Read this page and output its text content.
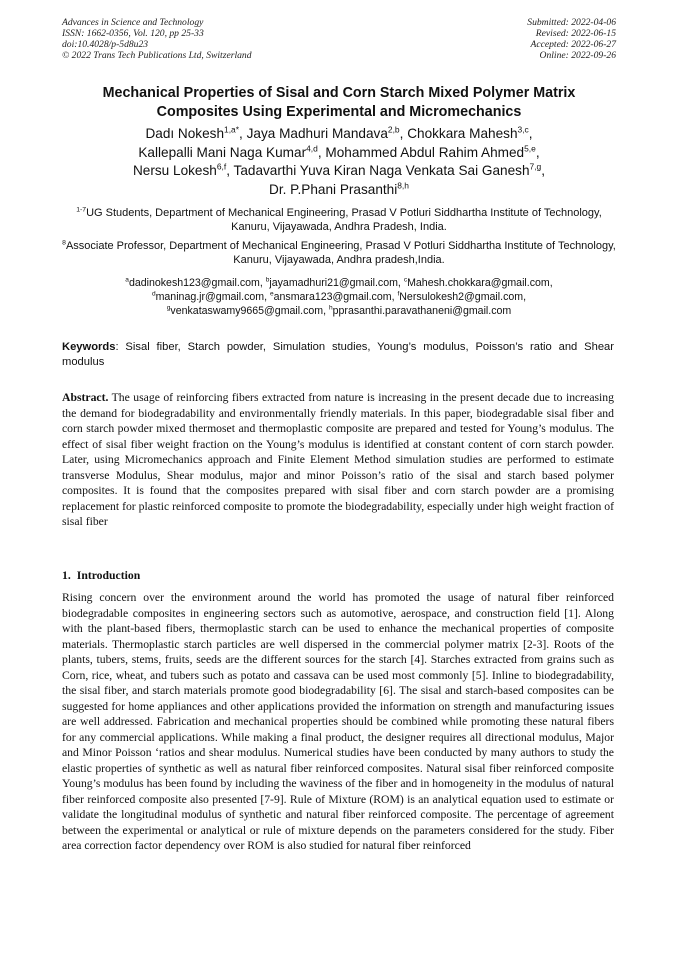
Advances in Science and Technology
ISSN: 1662-0356, Vol. 120, pp 25-33
doi:10.4028/p-5d8u23
© 2022 Trans Tech Publications Ltd, Switzerland
Submitted: 2022-04-06
Revised: 2022-06-15
Accepted: 2022-06-27
Online: 2022-09-26
Mechanical Properties of Sisal and Corn Starch Mixed Polymer Matrix
Composites Using Experimental and Micromechanics
Dadı Nokesh$^{1,a*}$, Jaya Madhuri Mandava$^{2,b}$, Chokkara Mahesh$^{3,c}$,
Kallepalli Mani Naga Kumar$^{4,d}$, Mohammed Abdul Rahim Ahmed$^{5,e}$,
Nersu Lokesh$^{6,f}$, Tadavarthi Yuva Kiran Naga Venkata Sai Ganesh$^{7,g}$,
Dr. P.Phani Prasanthi$^{8,h}$
$^{1-7}$UG Students, Department of Mechanical Engineering, Prasad V Potluri Siddhartha Institute of Technology, Kanuru, Vijayawada, Andhra Pradesh, India.
$^8$Associate Professor, Department of Mechanical Engineering, Prasad V Potluri Siddhartha Institute of Technology, Kanuru, Vijayawada, Andhra pradesh,India.
$^a$dadinokesh123@gmail.com, $^b$jayamadhuri21@gmail.com, $^c$Mahesh.chokkara@gmail.com,
$^d$maninag.jr@gmail.com, $^e$ansmara123@gmail.com, $^f$Nersulokesh2@gmail.com,
$^g$venkataswamy9665@gmail.com, $^h$pprasanthi.paravathaneni@gmail.com
Keywords: Sisal fiber, Starch powder, Simulation studies, Young’s modulus, Poisson’s ratio and Shear modulus
Abstract. The usage of reinforcing fibers extracted from nature is increasing in the present decade due to increasing the demand for biodegradability and environmentally friendly materials. In this paper, biodegradable sisal fiber and corn starch powder mixed thermoset and thermoplastic composite are prepared and tested for Young’s modulus. The effect of sisal fiber weight fraction on the Young’s modulus is identified at constant content of corn starch powder. Later, using Micromechanics approach and Finite Element Method simulation studies are performed to estimate transverse Modulus, Shear modulus, major and minor Poisson’s ratio of the sisal and starch based polymer composites. It is found that the composites prepared with sisal fiber and corn starch powder are a promising replacement for plastic reinforced composite to promote the biodegradability, especially under high weight fraction of sisal fiber
1. Introduction
Rising concern over the environment around the world has promoted the usage of natural fiber reinforced biodegradable composites in engineering sectors such as automotive, aerospace, and construction field [1]. Along with the plant-based fibers, thermoplastic starch can be used to enhance the mechanical properties of composite materials. Thermoplastic starch particles are well dispersed in the commercial polymer matrix [2-3]. Roots of the plants, tubers, stems, fruits, seeds are the different sources for the starch [4]. Starches extracted from grains such as Corn, rice, wheat, and tubers such as potato and cassava can be used most commonly [5]. Inline to biodegradability, the sisal fiber, and starch materials promote good biodegradability [6]. The sisal and starch-based composites can be suggested for home appliances and other applications provided the information on strength and manufacturing issues are well addressed. Fabrication and mechanical properties should be combined while promoting these natural fibers for any commercial applications. While making a final product, the designer requires all directional modulus, Major and Minor Poisson ‘ratios and shear modulus. Numerical studies have been conducted by many authors to study the elastic properties of synthetic as well as natural fiber reinforced composites. Natural sisal fiber reinforced composite Young’s modulus has been found by including the waviness of the fiber and in homogeneity in the modulus of natural fiber reinforced composite also presented [7-9]. Rule of Mixture (ROM) is an analytical equation used to estimate or validate the longitudinal modulus of synthetic and natural fiber reinforced composite. The percentage of agreement between the experimental or analytical or rule of mixture depends on the parameters considered for the study. Fiber area correction factor dependency over ROM is also studied for natural fiber reinforced
